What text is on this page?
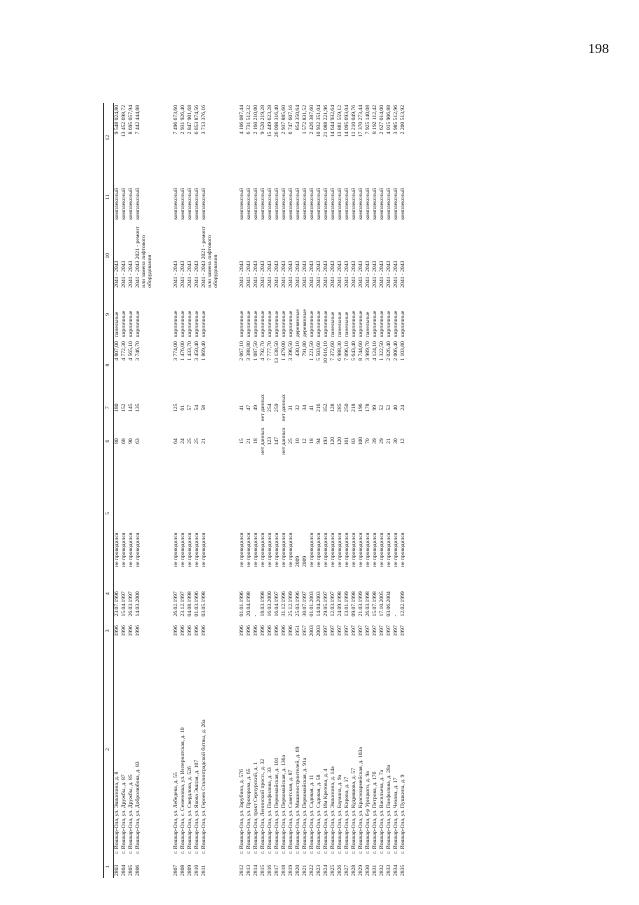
198
1	2	3	4	5	6	7	8	9	10	11	12
2803	г. Йошкар-Ола, ул. Эшкинина, д. 8	1996	23.07.1996	не проводился	80	180	4 807,00	панельные	2041 - 2043	комплексный	9 548 024,80
2804	г. Йошкар-Ола, ул. Дружбы, д. 87	1996	15.04.1997	не проводился	68	152	4 772,30	кирпичные	2041 - 2043	комплексный	13 452 698,72
2805	г. Йошкар-Ола, ул. Дружбы, д. 85	1996	26.03.1997	не проводился	90	145	4 565,10	кирпичные	2041 - 2043	комплексный	8 695 057,94
2806	г. Йошкар-Ола, ул. Добролюбова, д. 83	1996	14.03.2000	не проводился	63	135	3 746,70	кирпичные	2041 - 2043 2021 - ремонт или замена лифтового оборудования	комплексный	7 442 444,88

2807	г. Йошкар-Ола, ул. Лебедева, д. 55	1996	26.02.1997	не проводился	64	125	3 774,00	кирпичные	2041 - 2043	комплексный	7 496 673,60
2808	г. Йошкар-Ола, с. Семеновка, ул. Интернатская, д. 10	1996	23.12.1997	не проводился	24	61	1 476,00	кирпичные	2041 - 2043	комплексный	2 931 926,40
2809	г. Йошкар-Ола, ул. Свердлова, д. 52б	1996	04.08.1998	не проводился	25	57	1 433,70	кирпичные	2041 - 2043	комплексный	2 847 901,68
2810	г. Йошкар-Ола, ул. Якова Эшпая, д. 107	1996	01.03.1996	не проводился	25	54	3 450,40	кирпичные	2041 - 2043	комплексный	6 853 874,56
2811	г. Йошкар-Ола, ул. Героев Сталинградской битвы, д. 26а	1996	03.05.1998	не проводился	21	58	1 869,40	кирпичные	2041 - 2043 2021 - ремонт или замена лифтового оборудования	комплексный	3 713 376,16

2812	г. Йошкар-Ола, ул. Зарубина, д. 57б	1996	01.01.1996	не проводился	15	41	2 067,10	кирпичные	2041 - 2043	комплексный	4 106 087,44
2813	г. Йошкар-Ола, ул. Прохорова, д. 65	1996	20.04.1998	не проводился	21	47	3 388,80	кирпичные	2041 - 2043	комплексный	6 731 512,32
2814	г. Йошкар-Ола, тракт Сернурский, д. 1	1996	-	не проводился	18	49	1 087,50	кирпичные	2041 - 2043	комплексный	2 160 210,00
2815	г. Йошкар-Ола, Ленинский просп., д. 32	1996	18.03.1998	не проводился	нет данных	нет данных	4 792,70	кирпичные	2041 - 2043	комплексный	9 520 219,28
2816	г. Йошкар-Ола, ул. Панфилова, д. 33	1996	16.03.2000	не проводился	123	254	7 777,70	кирпичные	2041 - 2043	комплексный	15 449 623,28
2817	г. Йошкар-Ола, ул. Первомайская, д. 101	1996	16.04.1997	не проводился	147	259	13 138,50	кирпичные	2041 - 2043	комплексный	26 098 316,40
2818	г. Йошкар-Ола, ул. Первомайская, д. 136а	1996	31.12.1996	не проводился	нет данных	нет данных	1 479,00	кирпичные	2041 - 2043	комплексный	2 937 885,60
2819	г. Йошкар-Ола, ул. Советская, д. 87	1996	25.12.1999	не проводился	25	31	3 396,50	кирпичные	2041 - 2043	комплексный	6 747 607,16
2820	г. Йошкар-Ола, ул. Машиностроителей, д. 69	1951	25.03.1996	2009	10	32	430,10	деревянные	2041 - 2043	комплексный	854 350,64
2821	г. Йошкар-Ола, ул. Первомайская, д. 91а	1957	30.07.1997	2009	12	34	791,80	деревянные	2041 - 2043	комплексный	1 572 831,52
2822	г. Йошкар-Ола, ул. Садовая, д. 11	2003	01.01.2003	не проводился	18	41	1 221,50	кирпичные	2041 - 2043	комплексный	2 426 387,60
2823	г. Йошкар-Ола, ул. Садовая, д. 58	2003	14.04.2003	не проводился	94	216	5 503,60	кирпичные	2041 - 2043	комплексный	10 932 351,04
2824	г. Йошкар-Ола, ул. Им Кретова, д. 4	1997	29.05.1997	не проводился	193	352	10 616,10	кирпичные	2041 - 2043	комплексный	21 088 221,96
2825	г. Йошкар-Ола, ул. Эшкинина, д. 14а	1997	12.03.1997	не проводился	120	128	7 372,60	панельные	2041 - 2043	комплексный	14 644 932,64
2826	г. Йошкар-Ола, ул. Баумана, д. 9а	1997	24.09.1998	не проводился	120	285	6 988,30	панельные	2041 - 2043	комплексный	13 881 559,12
2827	г. Йошкар-Ола, ул. Кирова, д. 17	1997	13.01.1999	не проводился	161	250	7 096,10	панельные	2041 - 2043	комплексный	14 095 693,04
2828	г. Йошкар-Ола, ул. Кудряшова, д. 57	1997	09.07.1998	не проводился	83	218	5 643,40	кирпичные	2041 - 2043	комплексный	11 210 049,76
2829	г. Йошкар-Ола, ул. Красноармейская, д. 103а	1997	21.03.1999	не проводился	100	196	8 744,60	кирпичные	2041 - 2043	комплексный	17 370 273,44
2830	г. Йошкар-Ола, б-р Урицкого, д. 9а	1997	26.03.1998	не проводился	70	178	3 989,70	панельные	2041 - 2043	комплексный	7 925 140,08
2831	г. Йошкар-Ола, ул. Петрова, д. 17б	1997	15.07.1998	не проводился	39	99	4 124,10	кирпичные	2041 - 2043	комплексный	8 192 112,42
2832	г. Йошкар-Ола, ул. Васильева, д. 7а	1997	17.10.2005	не проводился	29	52	1 322,50	кирпичные	2041 - 2043	комплексный	2 627 014,00
2833	г. Йошкар-Ола, ул. Панфилова, д. 28а	1997	03.06.2004	не проводился	21	52	2 026,40	кирпичные	2041 - 2043	комплексный	4 015 906,88
2834	г. Йошкар-Ола, ул. Чехова, д. 17	1997	-	не проводился	30	40	2 006,40	кирпичные	2041 - 2043	комплексный	3 985 512,96
2835	г. Йошкар-Ола, ул. Пушкина, д. 9	1997	12.02.1999	не проводился	12	24	1 103,80	кирпичные	2041 - 2043	комплексный	2 200 513,92
